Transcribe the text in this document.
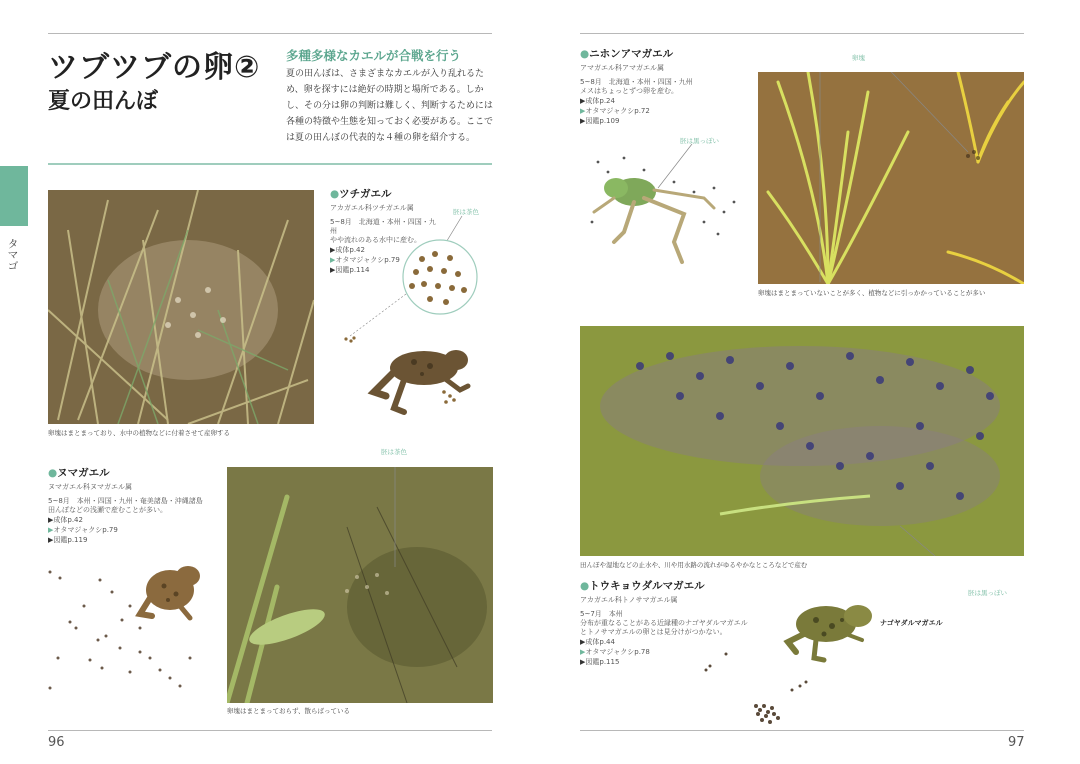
96	97
タマゴ
ツブツブの卵②
夏の田んぼ
多種多様なカエルが合戦を行う
夏の田んぼは、さまざまなカエルが入り乱れるため、卵を探すには絶好の時期と場所である。しかし、その分は卵の判断は難しく、判断するためには各種の特徴や生態を知っておく必要がある。ここでは夏の田んぼの代表的な４種の卵を紹介する。
卵塊はまとまっており、水中の植物などに付着させて産卵する
●ツチガエル
アカガエル科ツチガエル属
5~8月　北海道・本州・四国・九州
やや流れのある水中に産む。
▶成体p.42
▶オタマジャクシp.79
▶図鑑p.114
胚は茶色
●ヌマガエル
ヌマガエル科ヌマガエル属
5~8月　本州・四国・九州・奄美諸島・沖縄諸島
田んぼなどの浅瀬で産むことが多い。
▶成体p.42
▶オタマジャクシp.79
▶図鑑p.119
胚は茶色
卵塊はまとまっておらず、散らばっている
●ニホンアマガエル
アマガエル科アマガエル属
5~8月　北海道・本州・四国・九州
メスはちょっとずつ卵を産む。
▶成体p.24
▶オタマジャクシp.72
▶図鑑p.109
胚は黒っぽい
卵塊
卵塊はまとまっていないことが多く、植物などに引っかかっていることが多い
田んぼや湿地などの止水や、川や用水路の流れがゆるやかなところなどで産む
胚は黒っぽい
●トウキョウダルマガエル
アカガエル科トノサマガエル属
5~7月　本州
分布が重なることがある近縁種のナゴヤダルマガエルとトノサマガエルの卵とは見分けがつかない。
▶成体p.44
▶オタマジャクシp.78
▶図鑑p.115
ナゴヤダルマガエル
